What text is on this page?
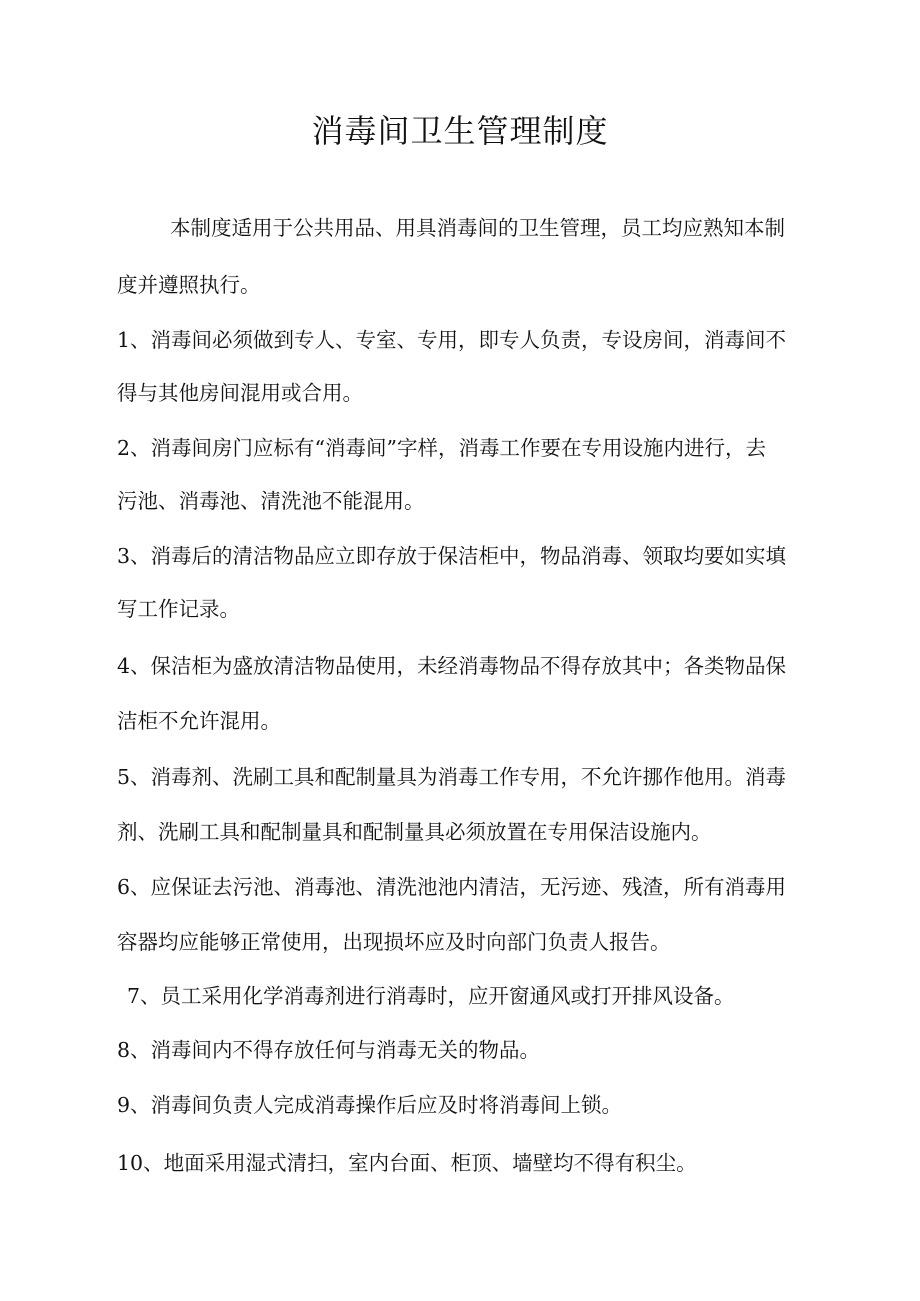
消毒间卫生管理制度

本制度适用于公共用品、用具消毒间的卫生管理，员工均应熟知本制

度并遵照执行。

1、消毒间必须做到专人、专室、专用，即专人负责，专设房间，消毒间不

得与其他房间混用或合用。

2、消毒间房门应标有“消毒间”字样，消毒工作要在专用设施内进行，去

污池、消毒池、清洗池不能混用。

3、消毒后的清洁物品应立即存放于保洁柜中，物品消毒、领取均要如实填

写工作记录。

4、保洁柜为盛放清洁物品使用，未经消毒物品不得存放其中；各类物品保

洁柜不允许混用。

5、消毒剂、洗刷工具和配制量具为消毒工作专用，不允许挪作他用。消毒

剂、洗刷工具和配制量具和配制量具必须放置在专用保洁设施内。

6、应保证去污池、消毒池、清洗池池内清洁，无污迹、残渣，所有消毒用

容器均应能够正常使用，出现损坏应及时向部门负责人报告。

7、员工采用化学消毒剂进行消毒时，应开窗通风或打开排风设备。

8、消毒间内不得存放任何与消毒无关的物品。

9、消毒间负责人完成消毒操作后应及时将消毒间上锁。

10、地面采用湿式清扫，室内台面、柜顶、墙壁均不得有积尘。
